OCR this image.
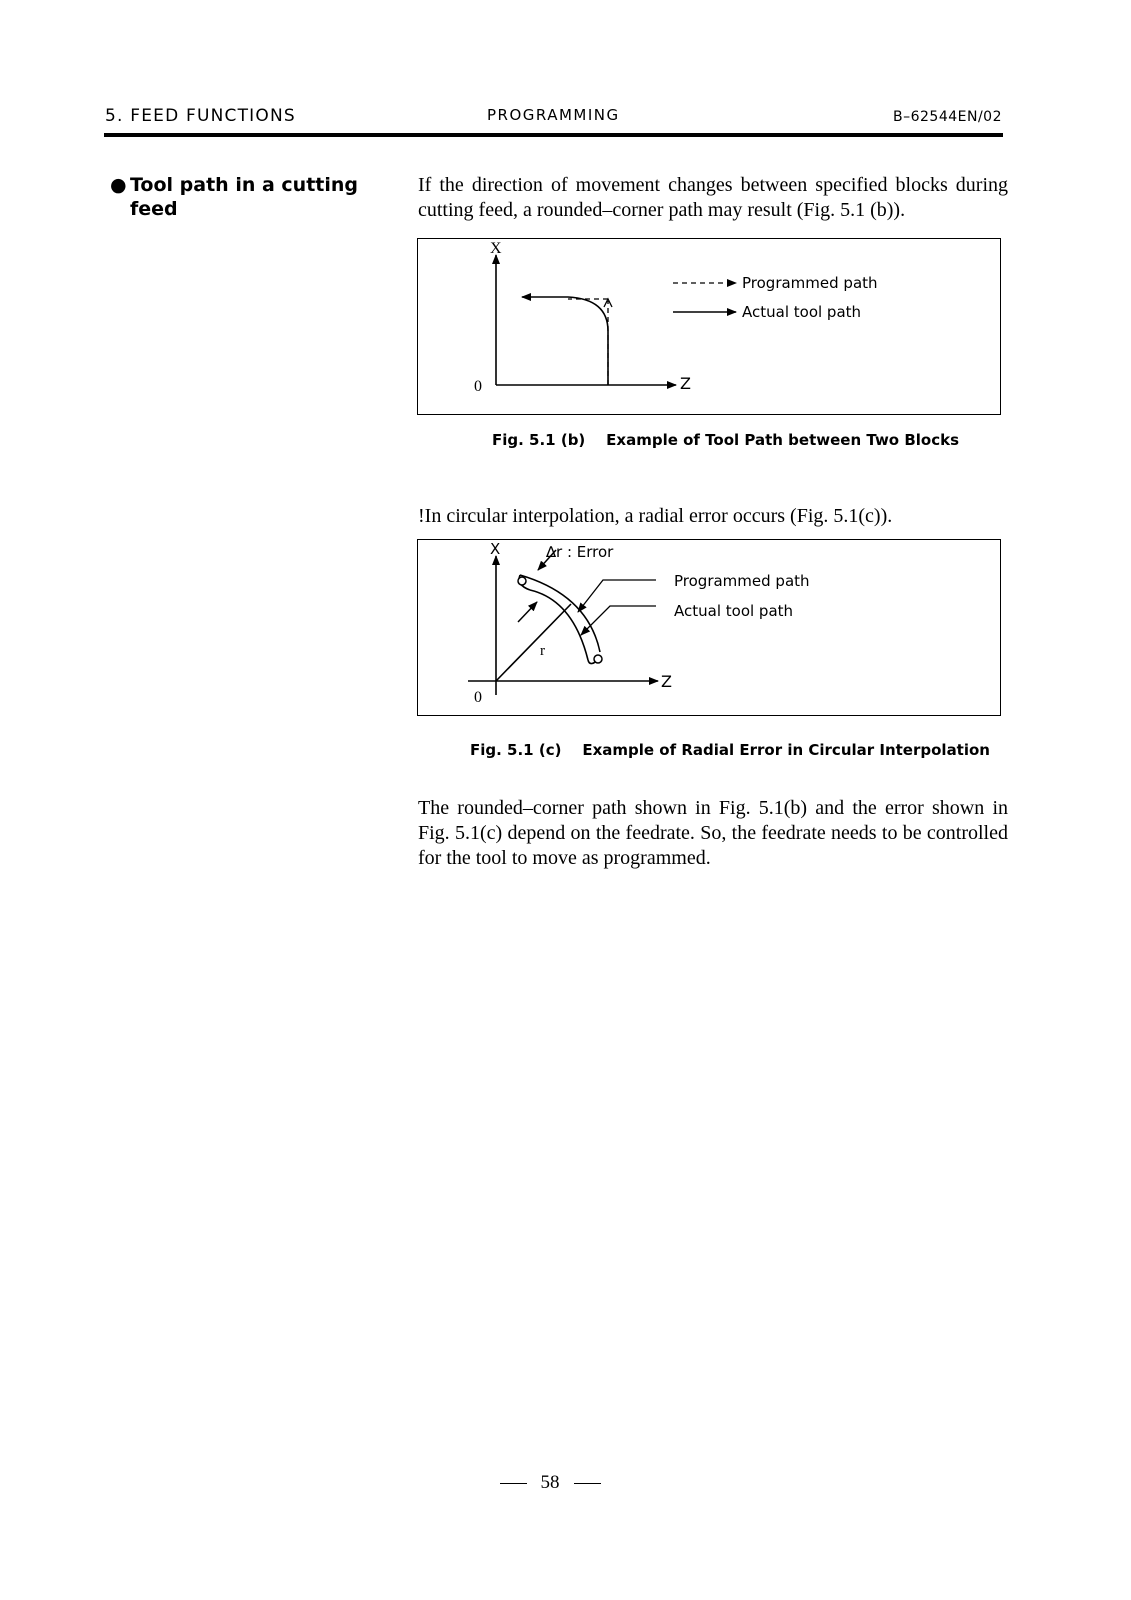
5. FEED FUNCTIONS	PROGRAMMING	B–62544EN/02
● Tool path in a cutting feed
If the direction of movement changes between specified blocks during cutting feed, a rounded–corner path may result (Fig. 5.1 (b)).
X
Z
0
Programmed path
Actual tool path
Fig. 5.1 (b)    Example of Tool Path between Two Blocks
!In circular interpolation, a radial error occurs (Fig. 5.1(c)).
X
Z
0
r
∆r : Error
Programmed path
Actual tool path
Fig. 5.1 (c)    Example of Radial Error in Circular Interpolation
The rounded–corner path shown in Fig. 5.1(b) and the error shown in Fig. 5.1(c) depend on the feedrate. So, the feedrate needs to be controlled for the tool to move as programmed.
58
